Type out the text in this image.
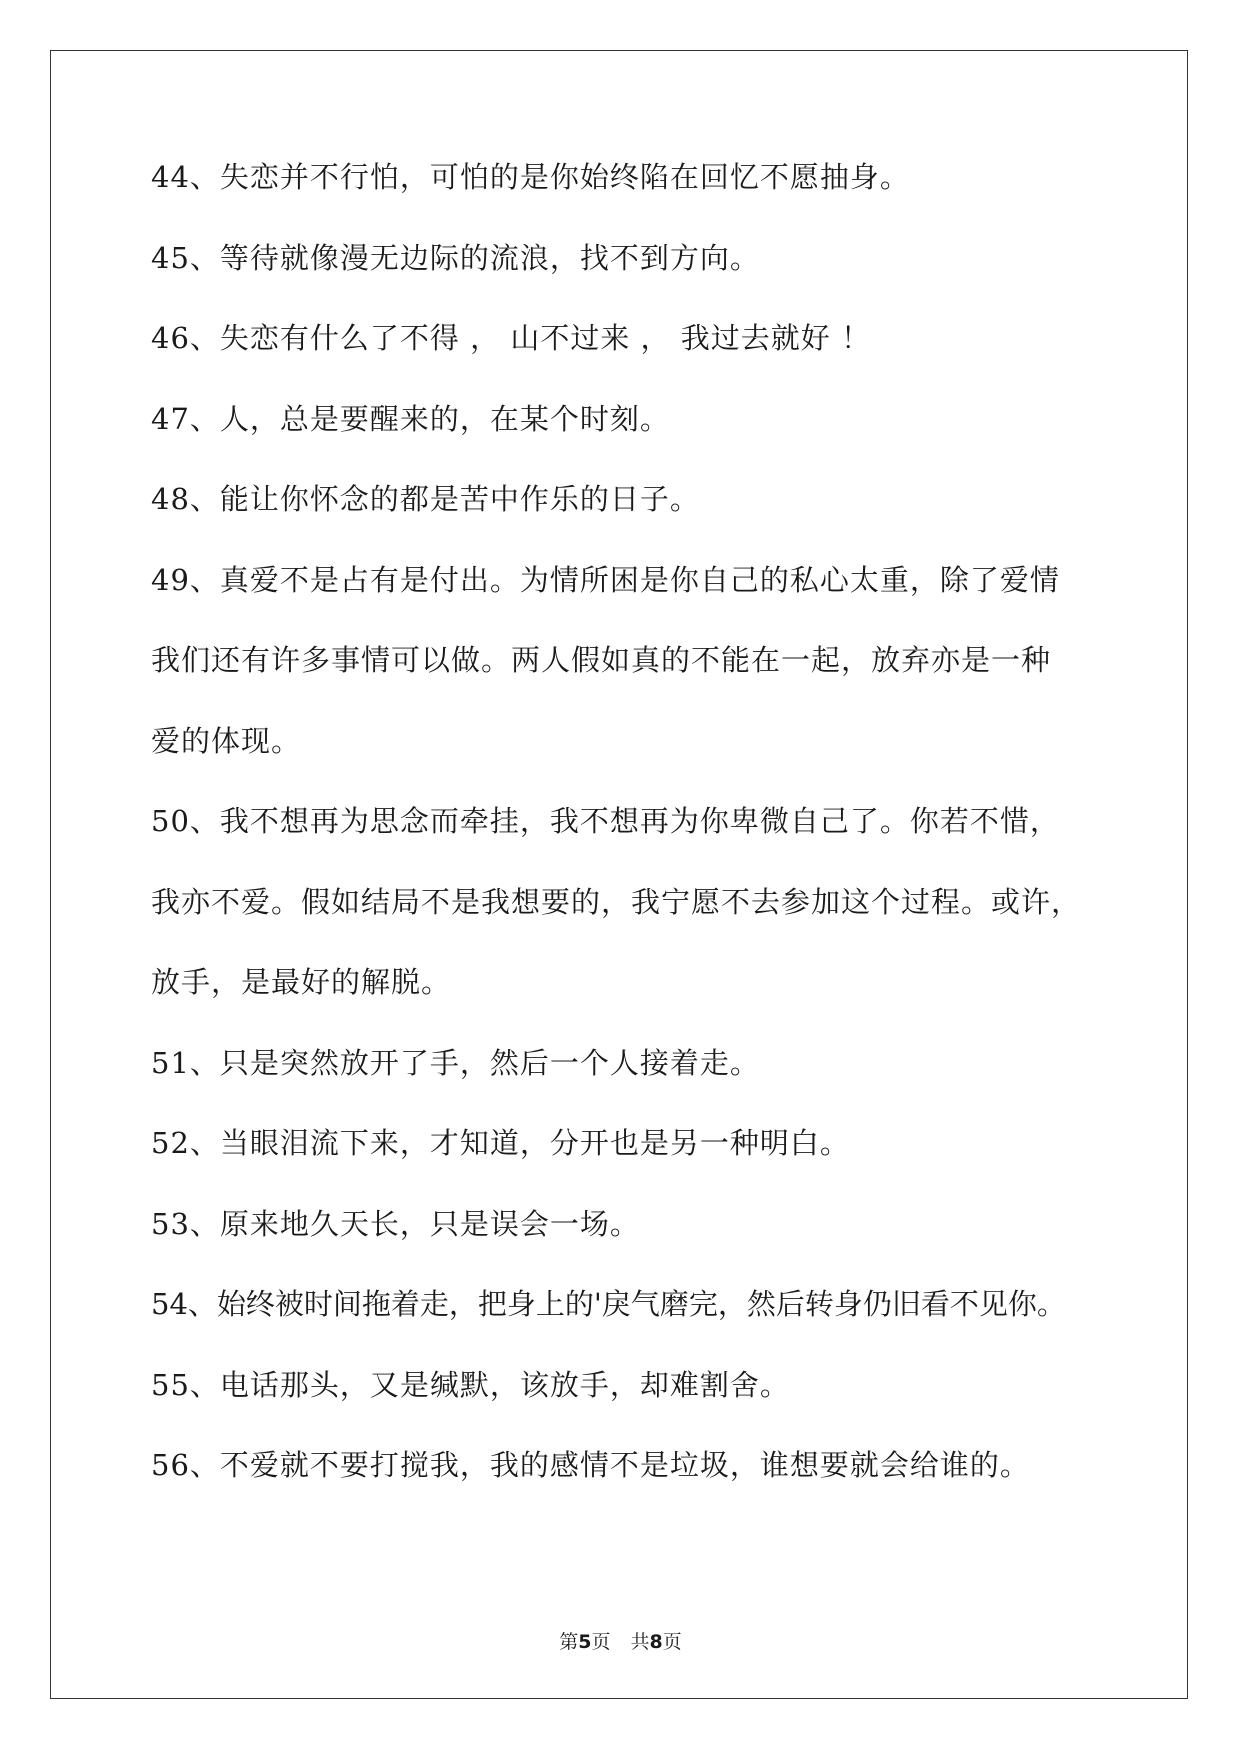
44、失恋并不行怕，可怕的是你始终陷在回忆不愿抽身。
45、等待就像漫无边际的流浪，找不到方向。
46、失恋有什么了不得 ， 山不过来 ， 我过去就好 ！
47、人，总是要醒来的，在某个时刻。
48、能让你怀念的都是苦中作乐的日子。
49、真爱不是占有是付出。为情所困是你自己的私心太重，除了爱情
我们还有许多事情可以做。两人假如真的不能在一起，放弃亦是一种
爱的体现。
50、我不想再为思念而牵挂，我不想再为你卑微自己了。你若不惜，
我亦不爱。假如结局不是我想要的，我宁愿不去参加这个过程。或许，
放手，是最好的解脱。
51、只是突然放开了手，然后一个人接着走。
52、当眼泪流下来，才知道，分开也是另一种明白。
53、原来地久天长，只是误会一场。
54、始终被时间拖着走，把身上的'戾气磨完，然后转身仍旧看不见你。
55、电话那头，又是缄默，该放手，却难割舍。
56、不爱就不要打搅我，我的感情不是垃圾，谁想要就会给谁的。
第5页 共8页
